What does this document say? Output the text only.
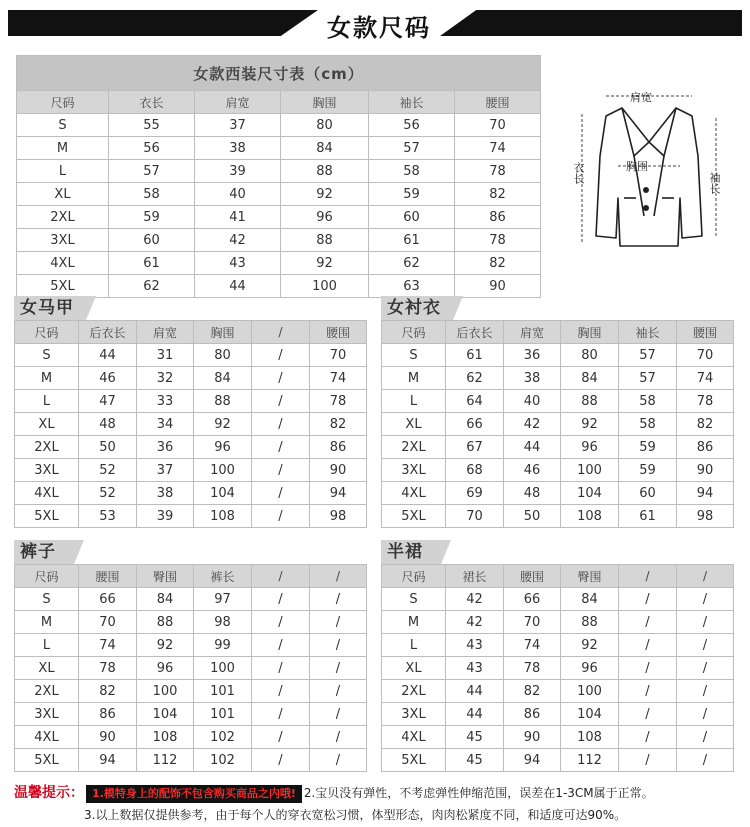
女款尺码
女款西装尺寸表（cm）					
尺码	衣长	肩宽	胸围	袖长	腰围
S	55	37	80	56	70
M	56	38	84	57	74
L	57	39	88	58	78
XL	58	40	92	59	82
2XL	59	41	96	60	86
3XL	60	42	88	61	78
4XL	61	43	92	62	82
5XL	62	44	100	63	90
肩宽
胸围
衣长	袖长
女马甲
尺码	后衣长	肩宽	胸围	/	腰围
S	44	31	80	/	70
M	46	32	84	/	74
L	47	33	88	/	78
XL	48	34	92	/	82
2XL	50	36	96	/	86
3XL	52	37	100	/	90
4XL	52	38	104	/	94
5XL	53	39	108	/	98
女衬衣
尺码	后衣长	肩宽	胸围	袖长	腰围
S	61	36	80	57	70
M	62	38	84	57	74
L	64	40	88	58	78
XL	66	42	92	58	82
2XL	67	44	96	59	86
3XL	68	46	100	59	90
4XL	69	48	104	60	94
5XL	70	50	108	61	98
裤子
尺码	腰围	臀围	裤长	/	/
S	66	84	97	/	/
M	70	88	98	/	/
L	74	92	99	/	/
XL	78	96	100	/	/
2XL	82	100	101	/	/
3XL	86	104	101	/	/
4XL	90	108	102	/	/
5XL	94	112	102	/	/
半裙
尺码	裙长	腰围	臀围	/	/
S	42	66	84	/	/
M	42	70	88	/	/
L	43	74	92	/	/
XL	43	78	96	/	/
2XL	44	82	100	/	/
3XL	44	86	104	/	/
4XL	45	90	108	/	/
5XL	45	94	112	/	/
温馨提示： 1.模特身上的配饰不包含购买商品之内哦! 2.宝贝没有弹性，不考虑弹性伸缩范围，误差在1-3CM属于正常。
3.以上数据仅提供参考，由于每个人的穿衣宽松习惯，体型形态，肉肉松紧度不同，和适度可达90%。
